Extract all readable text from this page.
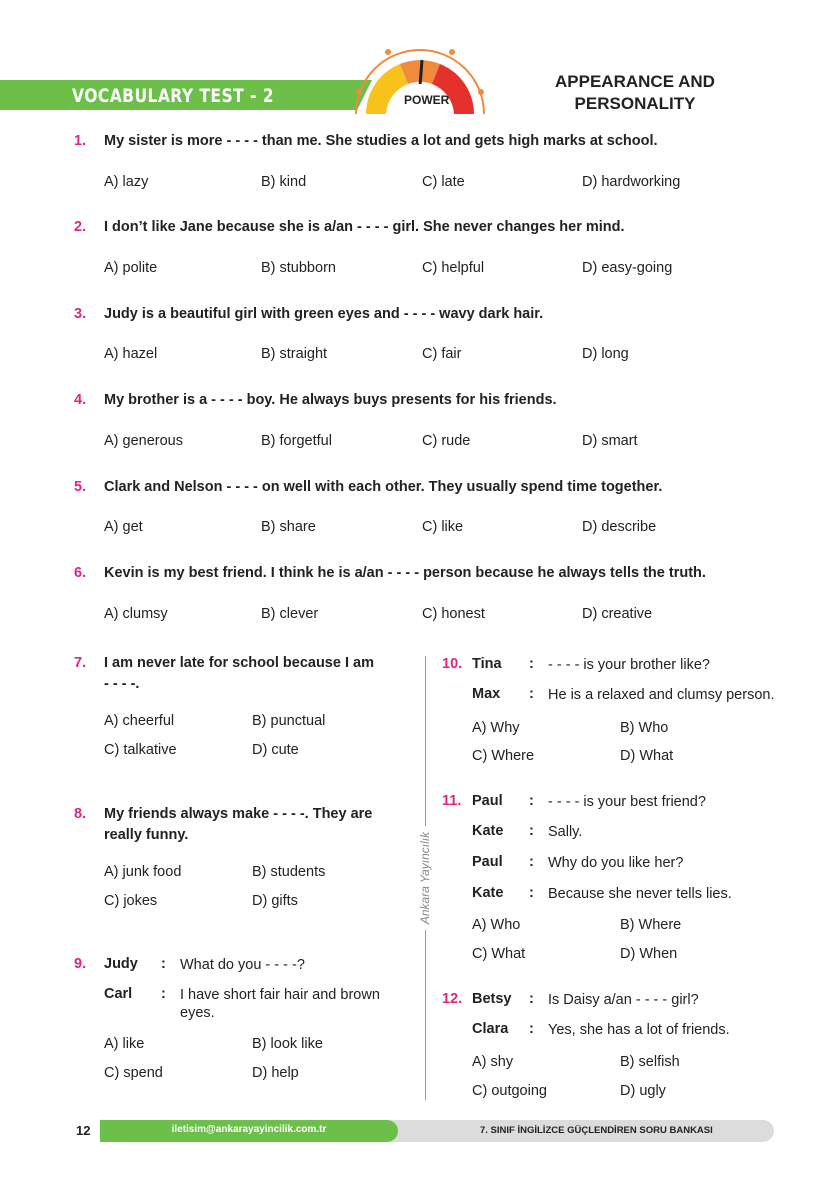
VOCABULARY TEST - 2	POWER
APPEARANCE AND
PERSONALITY
1. My sister is more - - - - than me. She studies a lot and gets high marks at school.
A) lazy	B) kind	C) late	D) hardworking
2. I don’t like Jane because she is a/an - - - - girl. She never changes her mind.
A) polite	B) stubborn	C) helpful	D) easy-going
3. Judy is a beautiful girl with green eyes and - - - - wavy dark hair.
A) hazel	B) straight	C) fair	D) long
4. My brother is a - - - - boy. He always buys presents for his friends.
A) generous	B) forgetful	C) rude	D) smart
5. Clark and Nelson - - - - on well with each other. They usually spend time together.
A) get	B) share	C) like	D) describe
6. Kevin is my best friend. I think he is a/an - - - - person because he always tells the truth.
A) clumsy	B) clever	C) honest	D) creative
Ankara Yayıncılık
7. I am never late for school because I am
- - - -.
A) cheerful	B) punctual
C) talkative	D) cute
8. My friends always make - - - -. They are
really funny.
A) junk food	B) students
C) jokes	D) gifts
9. Judy : What do you - - - -?
Carl : I have short fair hair and brown
eyes.
A) like	B) look like
C) spend	D) help
10. Tina : - - - - is your brother like?
Max : He is a relaxed and clumsy person.
A) Why	B) Who
C) Where	D) What
11. Paul : - - - - is your best friend?
Kate : Sally.
Paul : Why do you like her?
Kate : Because she never tells lies.
A) Who	B) Where
C) What	D) When
12. Betsy : Is Daisy a/an - - - - girl?
Clara : Yes, she has a lot of friends.
A) shy	B) selfish
C) outgoing	D) ugly
12	iletisim@ankarayayincilik.com.tr	7. SINIF İNGİLİZCE GÜÇLENDİREN SORU BANKASI
